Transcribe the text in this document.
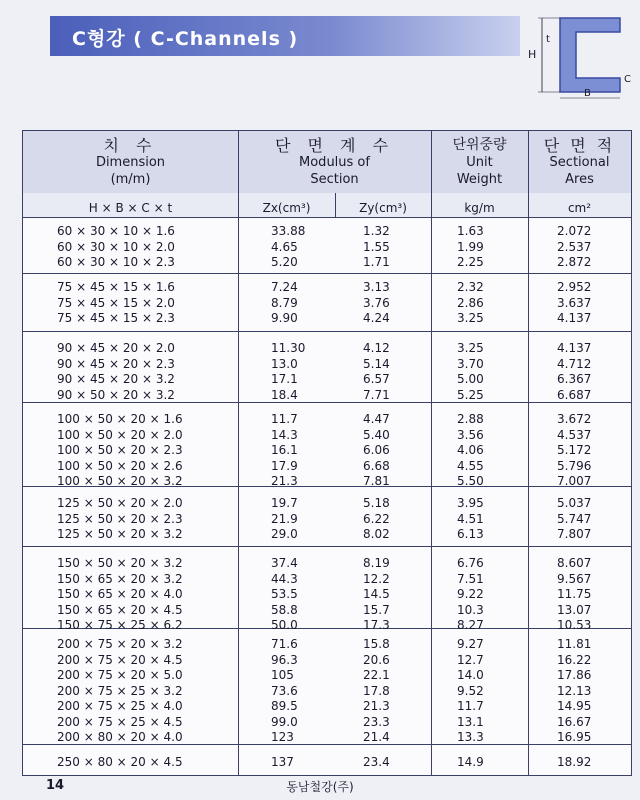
C형강 ( C-Channels )
H
t
B
C
치 수
Dimension
(m/m)
단 면 계 수
Modulus of
Section
단위중량
Unit
Weight
단 면 적
Sectional
Ares
H × B × C × t	Zx(cm³)	Zy(cm³)	kg/m	cm²
60 × 30 × 10 × 1.6	33.88	1.32	1.63	2.072
60 × 30 × 10 × 2.0	4.65	1.55	1.99	2.537
60 × 30 × 10 × 2.3	5.20	1.71	2.25	2.872
75 × 45 × 15 × 1.6	7.24	3.13	2.32	2.952
75 × 45 × 15 × 2.0	8.79	3.76	2.86	3.637
75 × 45 × 15 × 2.3	9.90	4.24	3.25	4.137
90 × 45 × 20 × 2.0	11.30	4.12	3.25	4.137
90 × 45 × 20 × 2.3	13.0	5.14	3.70	4.712
90 × 45 × 20 × 3.2	17.1	6.57	5.00	6.367
90 × 50 × 20 × 3.2	18.4	7.71	5.25	6.687
100 × 50 × 20 × 1.6	11.7	4.47	2.88	3.672
100 × 50 × 20 × 2.0	14.3	5.40	3.56	4.537
100 × 50 × 20 × 2.3	16.1	6.06	4.06	5.172
100 × 50 × 20 × 2.6	17.9	6.68	4.55	5.796
100 × 50 × 20 × 3.2	21.3	7.81	5.50	7.007
125 × 50 × 20 × 2.0	19.7	5.18	3.95	5.037
125 × 50 × 20 × 2.3	21.9	6.22	4.51	5.747
125 × 50 × 20 × 3.2	29.0	8.02	6.13	7.807
150 × 50 × 20 × 3.2	37.4	8.19	6.76	8.607
150 × 65 × 20 × 3.2	44.3	12.2	7.51	9.567
150 × 65 × 20 × 4.0	53.5	14.5	9.22	11.75
150 × 65 × 20 × 4.5	58.8	15.7	10.3	13.07
150 × 75 × 25 × 6.2	50.0	17.3	8.27	10.53
200 × 75 × 20 × 3.2	71.6	15.8	9.27	11.81
200 × 75 × 20 × 4.5	96.3	20.6	12.7	16.22
200 × 75 × 20 × 5.0	105	22.1	14.0	17.86
200 × 75 × 25 × 3.2	73.6	17.8	9.52	12.13
200 × 75 × 25 × 4.0	89.5	21.3	11.7	14.95
200 × 75 × 25 × 4.5	99.0	23.3	13.1	16.67
200 × 80 × 20 × 4.0	123	21.4	13.3	16.95
250 × 80 × 20 × 4.5	137	23.4	14.9	18.92
14	동남철강(주)
